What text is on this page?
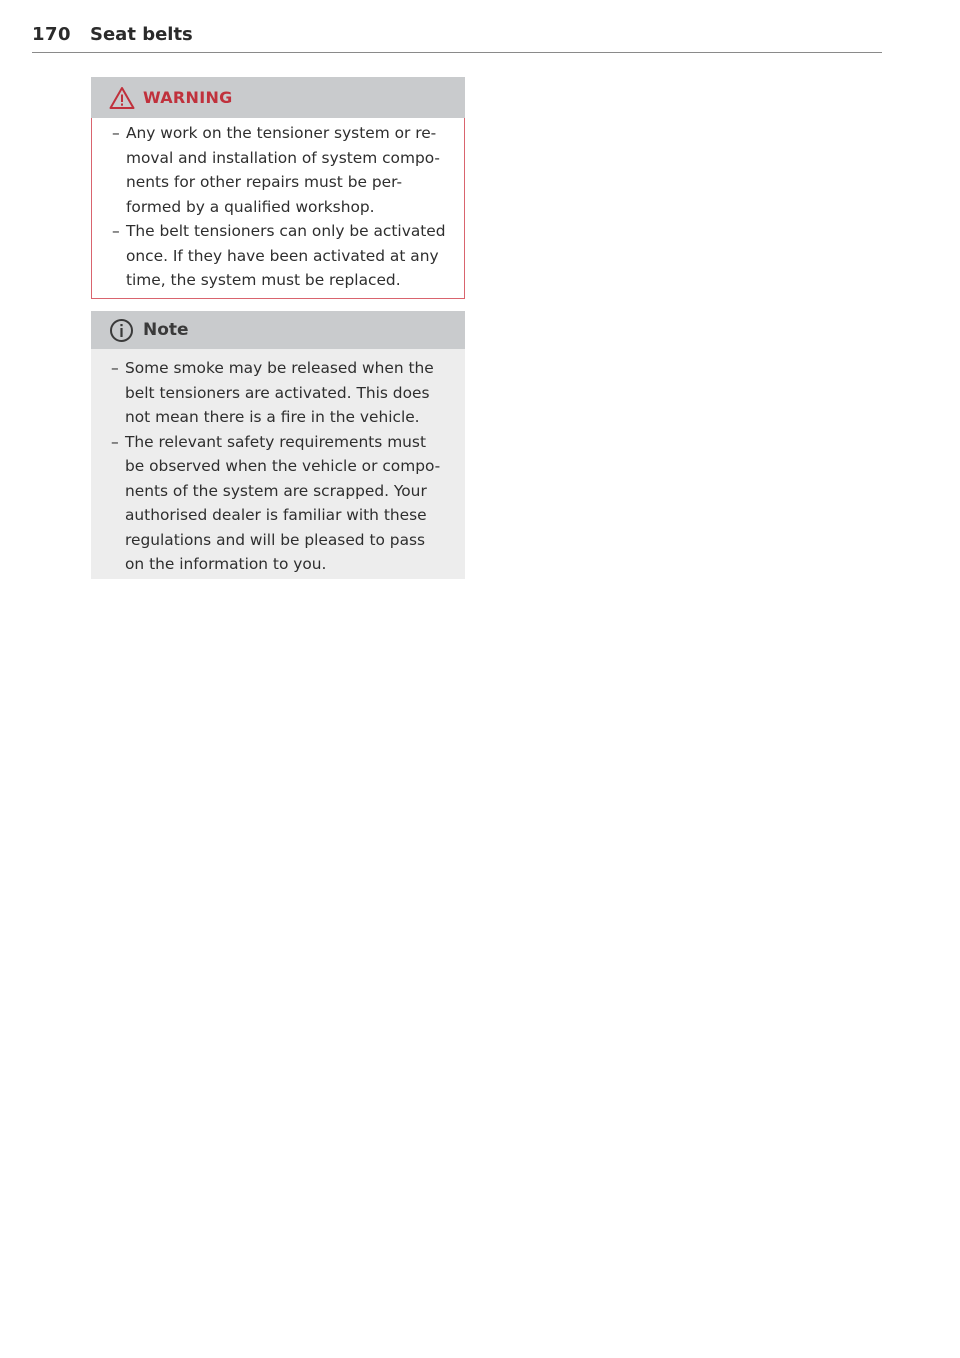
170 Seat belts
WARNING
– Any work on the tensioner system or re-
moval and installation of system compo-
nents for other repairs must be per-
formed by a qualified workshop.
– The belt tensioners can only be activated
once. If they have been activated at any
time, the system must be replaced.
Note
– Some smoke may be released when the
belt tensioners are activated. This does
not mean there is a fire in the vehicle.
– The relevant safety requirements must
be observed when the vehicle or compo-
nents of the system are scrapped. Your
authorised dealer is familiar with these
regulations and will be pleased to pass
on the information to you.
